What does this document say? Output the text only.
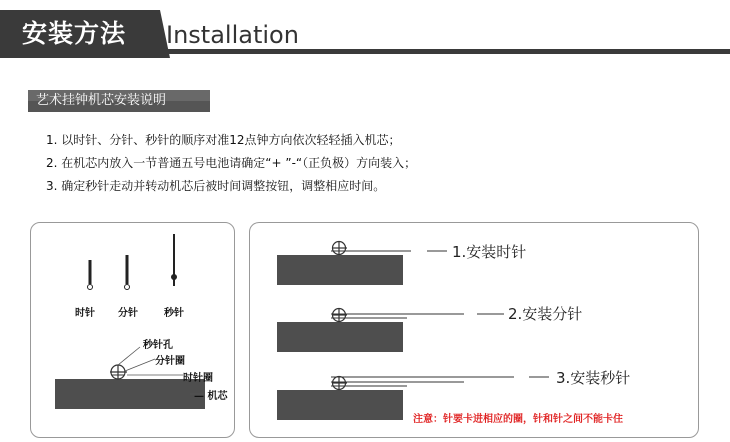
安装方法 Installation
艺术挂钟机芯安装说明
1. 以时针、分针、秒针的顺序对准12点钟方向依次轻轻插入机芯；
2. 在机芯内放入一节普通五号电池请确定“+ ”-“（正负极）方向装入；
3. 确定秒针走动并转动机芯后被时间调整按钮，调整相应时间。
时针 分针	秒针
秒针孔
分针圈
时针圈
— 机芯
1.安装时针
2.安装分针
3.安装秒针
注意：针要卡进相应的圈，针和针之间不能卡住
